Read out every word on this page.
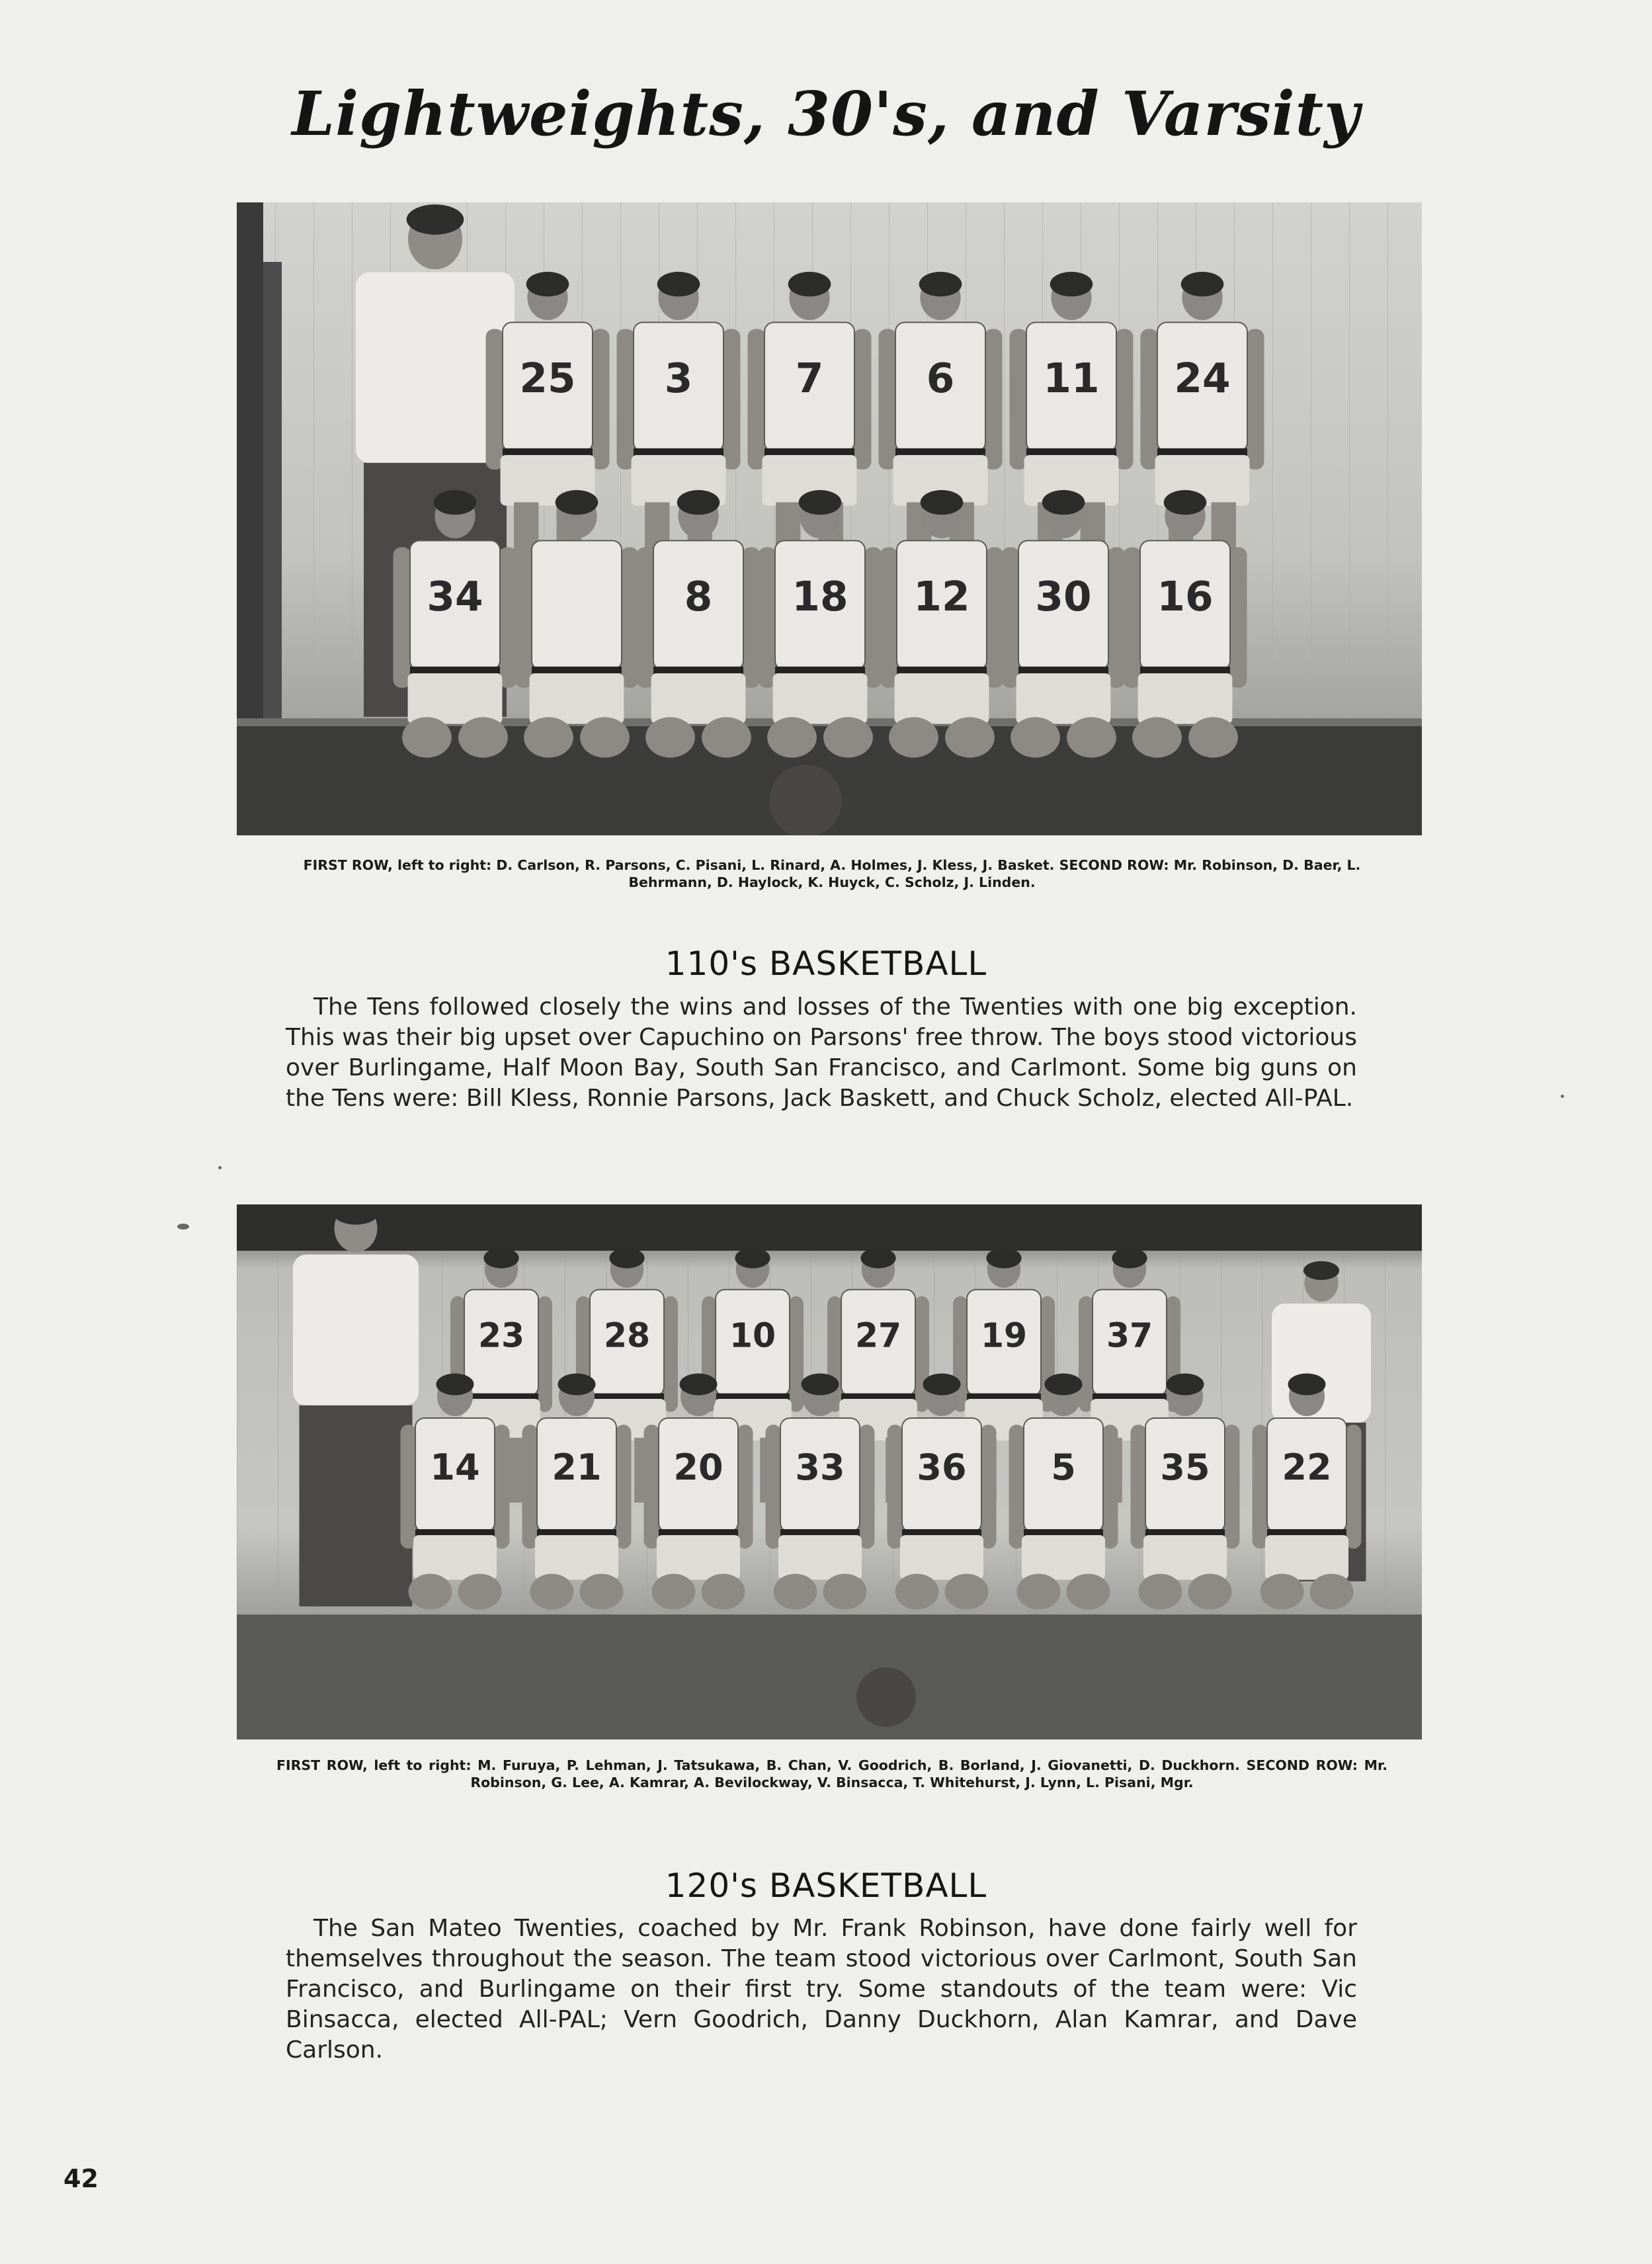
Lightweights, 30's, and Varsity
25 3	7	6 11 24
34	8 18 12 30 16
FIRST ROW, left to right: D. Carlson, R. Parsons, C. Pisani, L. Rinard, A. Holmes, J. Kless, J. Basket. SECOND ROW: Mr. Robinson, D. Baer, L. Behrmann, D. Haylock, K. Huyck, C. Scholz, J. Linden.
110's BASKETBALL
The Tens followed closely the wins and losses of the Twenties with one big exception. This was their big upset over Capuchino on Parsons' free throw. The boys stood victorious over Burlingame, Half Moon Bay, South San Francisco, and Carlmont. Some big guns on the Tens were: Bill Kless, Ronnie Parsons, Jack Baskett, and Chuck Scholz, elected All-PAL.
23 28 10 27 19 37
14 21 20 33 36 5 35 22
FIRST ROW, left to right: M. Furuya, P. Lehman, J. Tatsukawa, B. Chan, V. Goodrich, B. Borland, J. Giovanetti, D. Duckhorn. SECOND ROW: Mr. Robinson, G. Lee, A. Kamrar, A. Bevilockway, V. Binsacca, T. Whitehurst, J. Lynn, L. Pisani, Mgr.
120's BASKETBALL
The San Mateo Twenties, coached by Mr. Frank Robinson, have done fairly well for themselves throughout the season. The team stood victorious over Carlmont, South San Francisco, and Burlingame on their first try. Some standouts of the team were: Vic Binsacca, elected All-PAL; Vern Goodrich, Danny Duckhorn, Alan Kamrar, and Dave Carlson.
42
